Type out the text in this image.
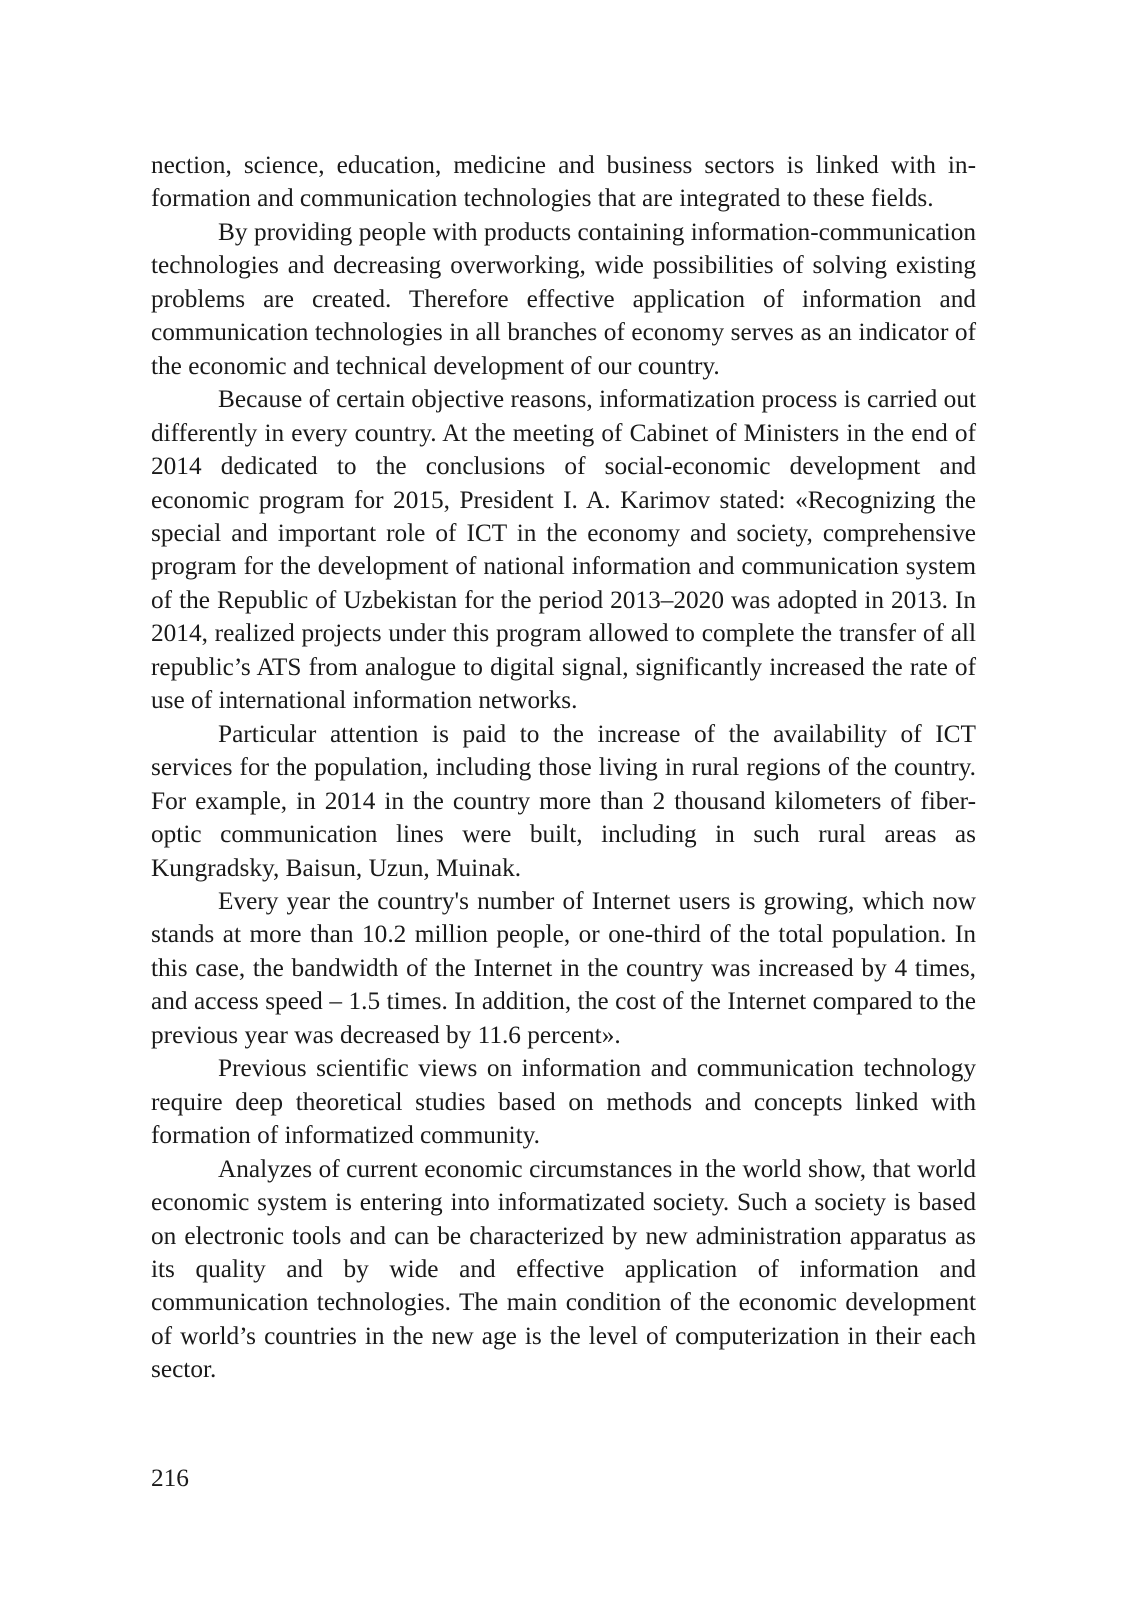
nection, science, education, medicine and business sectors is linked with information and communication technologies that are integrated to these fields.

By providing people with products containing information-communication technologies and decreasing overworking, wide possibilities of solving existing problems are created. Therefore effective application of information and communication technologies in all branches of economy serves as an indicator of the economic and technical development of our country.

Because of certain objective reasons, informatization process is carried out differently in every country. At the meeting of Cabinet of Ministers in the end of 2014 dedicated to the conclusions of social-economic development and economic program for 2015, President I. A. Karimov stated: «Recognizing the special and important role of ICT in the economy and society, comprehensive program for the development of national information and communication system of the Republic of Uzbekistan for the period 2013–2020 was adopted in 2013. In 2014, realized projects under this program allowed to complete the transfer of all republic’s ATS from analogue to digital signal, significantly increased the rate of use of international information networks.

Particular attention is paid to the increase of the availability of ICT services for the population, including those living in rural regions of the country. For example, in 2014 in the country more than 2 thousand kilometers of fiber-optic communication lines were built, including in such rural areas as Kungradsky, Baisun, Uzun, Muinak.

Every year the country's number of Internet users is growing, which now stands at more than 10.2 million people, or one-third of the total population. In this case, the bandwidth of the Internet in the country was increased by 4 times, and access speed – 1.5 times. In addition, the cost of the Internet compared to the previous year was decreased by 11.6 percent».

Previous scientific views on information and communication technology require deep theoretical studies based on methods and concepts linked with formation of informatized community.

Analyzes of current economic circumstances in the world show, that world economic system is entering into informatizated society. Such a society is based on electronic tools and can be characterized by new administration apparatus as its quality and by wide and effective application of information and communication technologies. The main condition of the economic development of world’s countries in the new age is the level of computerization in their each sector.

216
